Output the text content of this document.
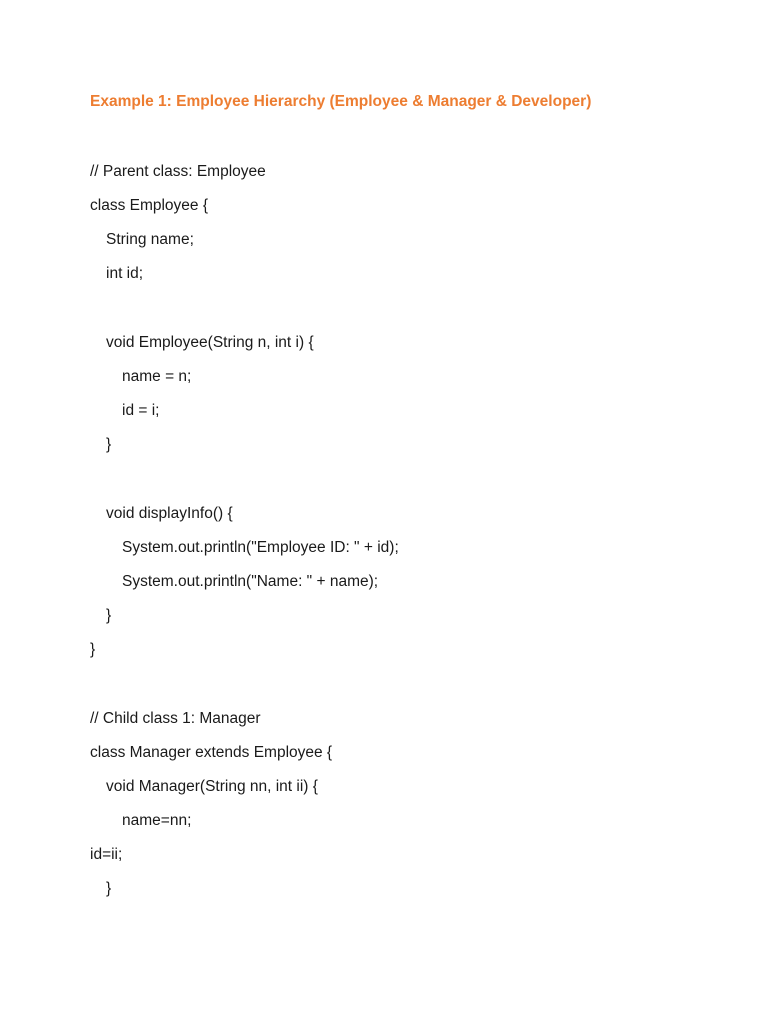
Example 1: Employee Hierarchy (Employee & Manager & Developer)
// Parent class: Employee
class Employee {
String name;
int id;
void Employee(String n, int i) {
name = n;
id = i;
}
void displayInfo() {
System.out.println("Employee ID: " + id);
System.out.println("Name: " + name);
}
}
// Child class 1: Manager
class Manager extends Employee {
void Manager(String nn, int ii) {
name=nn;
id=ii;
}
